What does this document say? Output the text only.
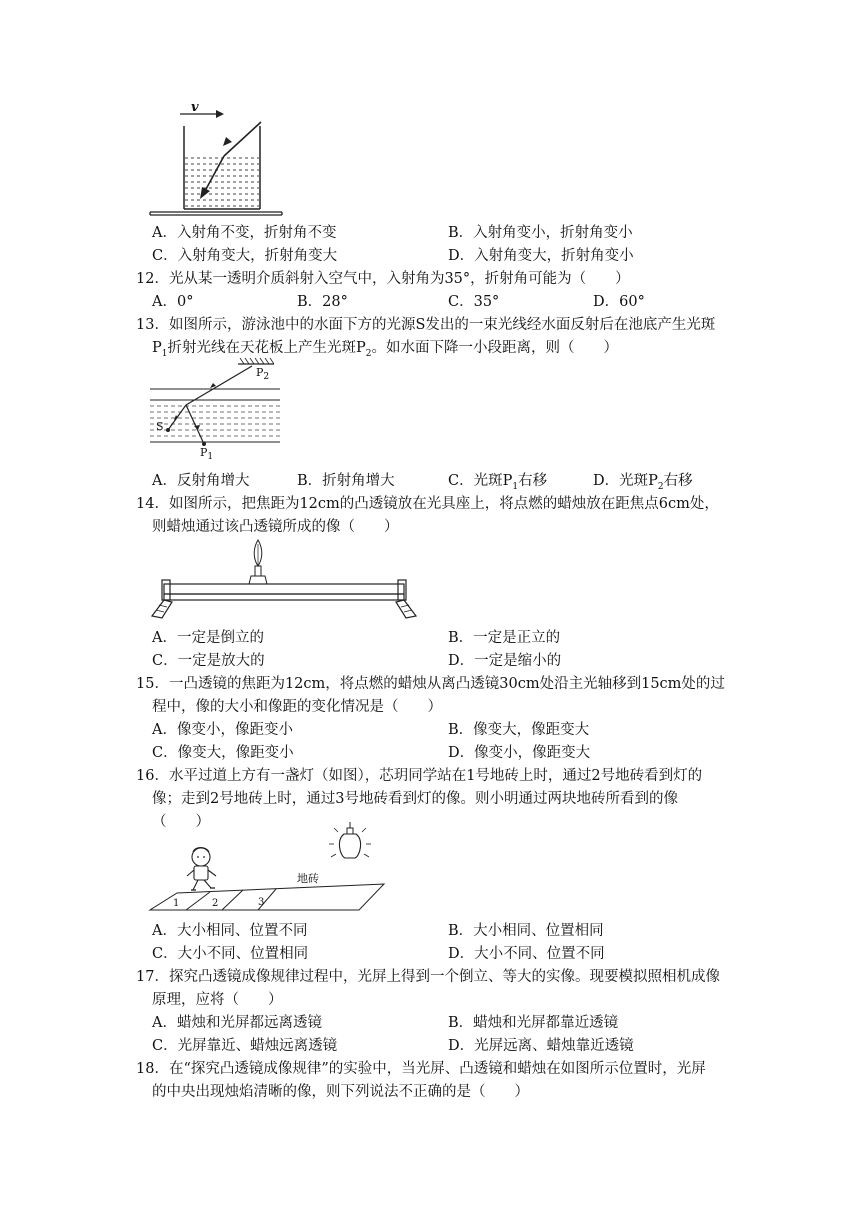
v
A．入射角不变，折射角不变	B．入射角变小，折射角变小
C．入射角变大，折射角变大	D．入射角变大，折射角变小
12．光从某一透明介质斜射入空气中，入射角为35°，折射角可能为（　　）
A．0°	B．28°	C．35°	D．60°
13．如图所示，游泳池中的水面下方的光源S发出的一束光线经水面反射后在池底产生光斑
$P_1$折射光线在天花板上产生光斑$P_2$。如水面下降一小段距离，则（　　）
$P_2$
S
$P_1$
A．反射角增大	B．折射角增大	C．光斑$P_1$右移	D．光斑$P_2$右移
14．如图所示，把焦距为12cm的凸透镜放在光具座上，将点燃的蜡烛放在距焦点6cm处，
则蜡烛通过该凸透镜所成的像（　　）
A．一定是倒立的	B．一定是正立的
C．一定是放大的	D．一定是缩小的
15．一凸透镜的焦距为12cm，将点燃的蜡烛从离凸透镜30cm处沿主光轴移到15cm处的过
程中，像的大小和像距的变化情况是（　　）
A．像变小，像距变小	B．像变大，像距变大
C．像变大，像距变小	D．像变小，像距变大
16．水平过道上方有一盏灯（如图），芯玥同学站在1号地砖上时，通过2号地砖看到灯的
像；走到2号地砖上时，通过3号地砖看到灯的像。则小明通过两块地砖所看到的像
（　　）
地砖
1	2	3
A．大小相同、位置不同	B．大小相同、位置相同
C．大小不同、位置相同	D．大小不同、位置不同
17．探究凸透镜成像规律过程中，光屏上得到一个倒立、等大的实像。现要模拟照相机成像
原理，应将（　　）
A．蜡烛和光屏都远离透镜	B．蜡烛和光屏都靠近透镜
C．光屏靠近、蜡烛远离透镜	D．光屏远离、蜡烛靠近透镜
18．在“探究凸透镜成像规律”的实验中，当光屏、凸透镜和蜡烛在如图所示位置时，光屏
的中央出现烛焰清晰的像，则下列说法不正确的是（　　）
